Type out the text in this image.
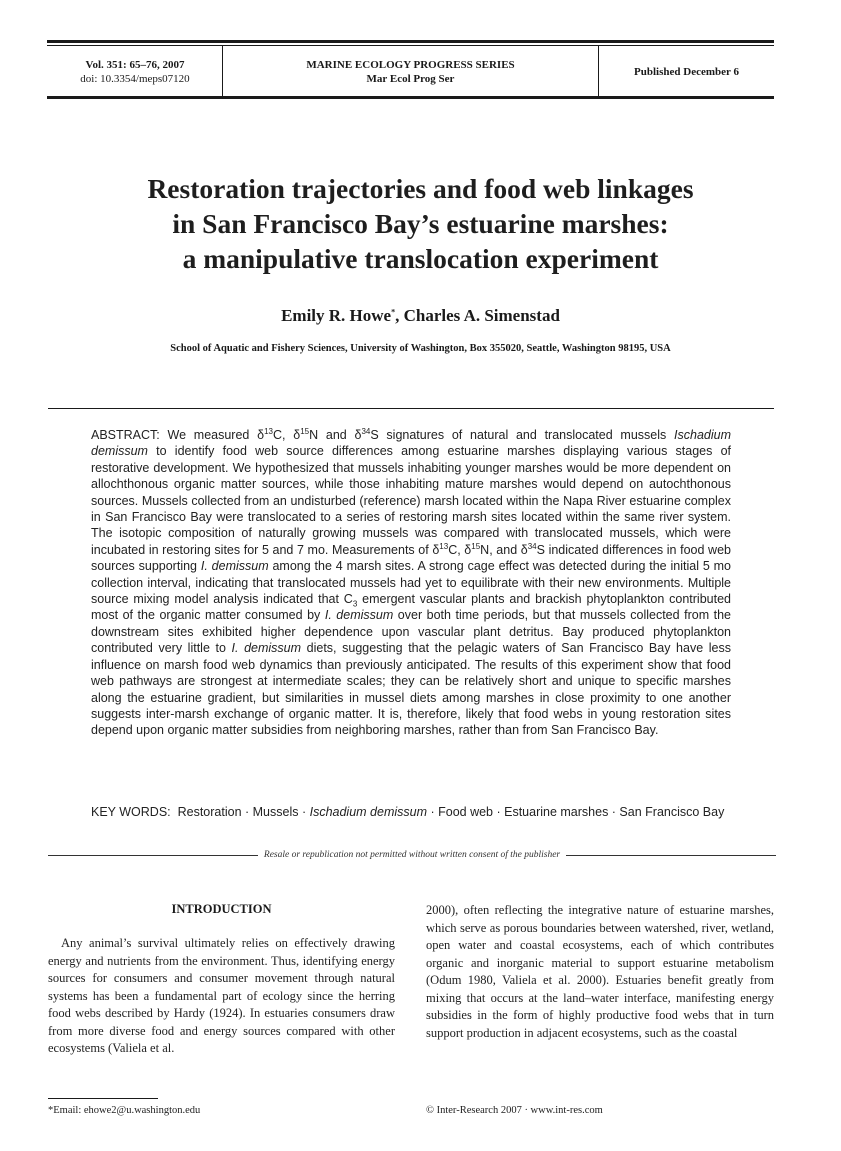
Vol. 351: 65–76, 2007
doi: 10.3354/meps07120
MARINE ECOLOGY PROGRESS SERIES
Mar Ecol Prog Ser
Published December 6
Restoration trajectories and food web linkages
in San Francisco Bay’s estuarine marshes:
a manipulative translocation experiment
Emily R. Howe*, Charles A. Simenstad
School of Aquatic and Fishery Sciences, University of Washington, Box 355020, Seattle, Washington 98195, USA
ABSTRACT: We measured $\delta^{13}C$, $\delta^{15}N$ and $\delta^{34}S$ signatures of natural and translocated mussels Ischadium demissum to identify food web source differences among estuarine marshes displaying various stages of restorative development. We hypothesized that mussels inhabiting younger marshes would be more dependent on allochthonous organic matter sources, while those inhabiting mature marshes would depend on autochthonous sources. Mussels collected from an undisturbed (reference) marsh located within the Napa River estuarine complex in San Francisco Bay were translocated to a series of restoring marsh sites located within the same river system. The isotopic composition of naturally growing mussels was compared with translocated mussels, which were incubated in restoring sites for 5 and 7 mo. Measurements of $\delta^{13}C$, $\delta^{15}N$, and $\delta^{34}S$ indicated differences in food web sources supporting I. demissum among the 4 marsh sites. A strong cage effect was detected during the initial 5 mo collection interval, indicating that translocated mussels had yet to equilibrate with their new environments. Multiple source mixing model analysis indicated that $C_3$ emergent vascular plants and brackish phytoplankton contributed most of the organic matter consumed by I. demissum over both time periods, but that mussels collected from the downstream sites exhibited higher dependence upon vascular plant detritus. Bay produced phytoplankton contributed very little to I. demissum diets, suggesting that the pelagic waters of San Francisco Bay have less influence on marsh food web dynamics than previously anticipated. The results of this experiment show that food web pathways are strongest at intermediate scales; they can be relatively short and unique to specific marshes along the estuarine gradient, but similarities in mussel diets among marshes in close proximity to one another suggests inter-marsh exchange of organic matter. It is, therefore, likely that food webs in young restoration sites depend upon organic matter subsidies from neighboring marshes, rather than from San Francisco Bay.
KEY WORDS:  Restoration · Mussels · Ischadium demissum · Food web · Estuarine marshes · San Francisco Bay
Resale or republication not permitted without written consent of the publisher
INTRODUCTION
Any animal’s survival ultimately relies on effectively drawing energy and nutrients from the environment. Thus, identifying energy sources for consumers and consumer movement through natural systems has been a fundamental part of ecology since the herring food webs described by Hardy (1924). In estuaries consumers draw from more diverse food and energy sources compared with other ecosystems (Valiela et al.
2000), often reflecting the integrative nature of estuarine marshes, which serve as porous boundaries between watershed, river, wetland, open water and coastal ecosystems, each of which contributes organic and inorganic material to support estuarine metabolism (Odum 1980, Valiela et al. 2000). Estuaries benefit greatly from mixing that occurs at the land–water interface, manifesting energy subsidies in the form of highly productive food webs that in turn support production in adjacent ecosystems, such as the coastal
*Email: ehowe2@u.washington.edu	© Inter-Research 2007 · www.int-res.com
